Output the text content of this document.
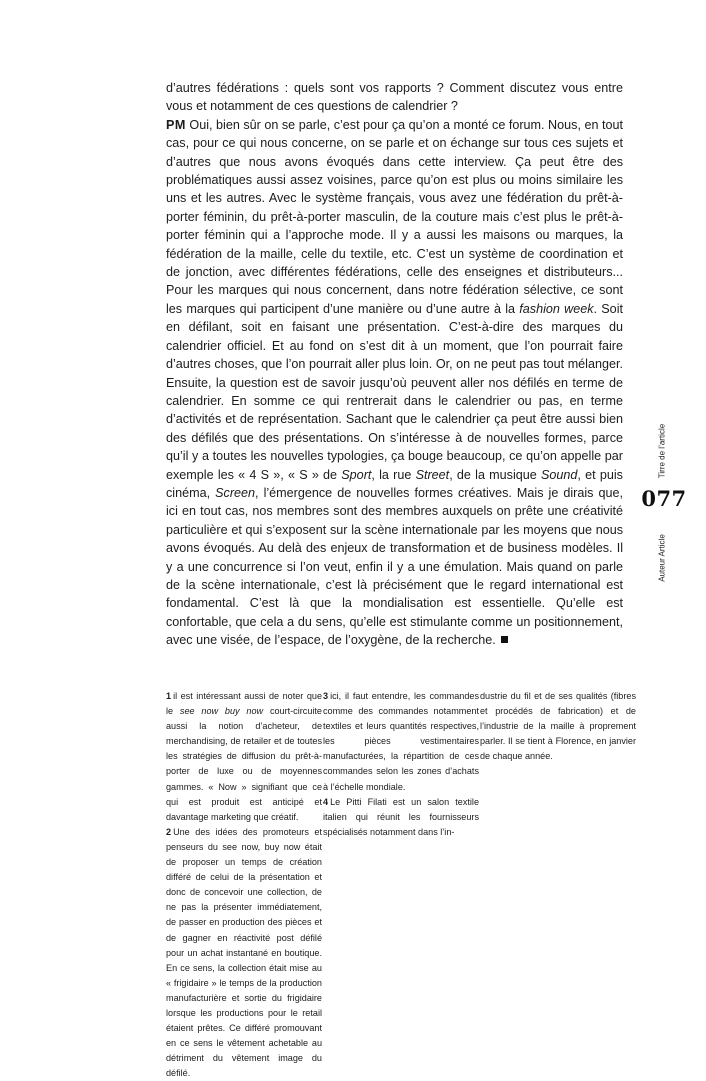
d’autres fédérations : quels sont vos rapports ? Comment discutez vous entre vous et notamment de ces questions de calendrier ?

PM Oui, bien sûr on se parle, c’est pour ça qu’on a monté ce forum. Nous, en tout cas, pour ce qui nous concerne, on se parle et on échange sur tous ces sujets et d’autres que nous avons évoqués dans cette interview. Ça peut être des problématiques aussi assez voisines, parce qu’on est plus ou moins similaire les uns et les autres. Avec le système français, vous avez une fédération du prêt-à-porter féminin, du prêt-à-porter masculin, de la couture mais c’est plus le prêt-à-porter féminin qui a l’approche mode. Il y a aussi les maisons ou marques, la fédération de la maille, celle du textile, etc. C’est un système de coordination et de jonction, avec différentes fédérations, celle des enseignes et distributeurs... Pour les marques qui nous concernent, dans notre fédération sélective, ce sont les marques qui participent d’une manière ou d’une autre à la fashion week. Soit en défilant, soit en faisant une présentation. C’est-à-dire des marques du calendrier officiel. Et au fond on s’est dit à un moment, que l’on pourrait faire d’autres choses, que l’on pourrait aller plus loin. Or, on ne peut pas tout mélanger. Ensuite, la question est de savoir jusqu’où peuvent aller nos défilés en terme de calendrier. En somme ce qui rentrerait dans le calendrier ou pas, en terme d’activités et de représentation. Sachant que le calendrier ça peut être aussi bien des défilés que des présentations. On s’intéresse à de nouvelles formes, parce qu’il y a toutes les nouvelles typologies, ça bouge beaucoup, ce qu’on appelle par exemple les « 4 S », « S » de Sport, la rue Street, de la musique Sound, et puis cinéma, Screen, l’émergence de nouvelles formes créatives. Mais je dirais que, ici en tout cas, nos membres sont des membres auxquels on prête une créativité particulière et qui s’exposent sur la scène internationale par les moyens que nous avons évoqués. Au delà des enjeux de transformation et de business modèles. Il y a une concurrence si l’on veut, enfin il y a une émulation. Mais quand on parle de la scène internationale, c’est là précisément que le regard international est fondamental. C’est là que la mondialisation est essentielle. Qu’elle est confortable, que cela a du sens, qu’elle est stimulante comme un positionnement, avec une visée, de l’espace, de l’oxygène, de la recherche.

Tirre de l’article
077
Auteur Article

1 il est intéressant aussi de noter que le see now buy now court-circuite aussi la notion d’acheteur, de merchandising, de retailer et de toutes les stratégies de diffusion du prêt-à-porter de luxe ou de moyennes gammes. « Now » signifiant que ce qui est produit est anticipé et davantage marketing que créatif.

2 Une des idées des promoteurs et penseurs du see now, buy now était de proposer un temps de création différé de celui de la présentation et donc de concevoir une collection, de ne pas la présenter immédiatement, de passer en production des pièces et de gagner en réactivité post défilé pour un achat instantané en boutique. En ce sens, la collection était mise au « frigidaire » le temps de la production manufacturière et sortie du frigidaire lorsque les productions pour le retail étaient prêtes. Ce différé promouvant en ce sens le vêtement achetable au détriment du vêtement image du défilé.

3 ici, il faut entendre, les commandes comme des commandes notamment textiles et leurs quantités respectives, les pièces vestimentaires manufacturées, la répartition de ces commandes selon les zones d’achats à l’échelle mondiale.

4 Le Pitti Filati est un salon textile italien qui réunit les fournisseurs spécialisés notamment dans l’in-

dustrie du fil et de ses qualités (fibres et procédés de fabrication) et de l’industrie de la maille à proprement parler. Il se tient à Florence, en janvier de chaque année.
